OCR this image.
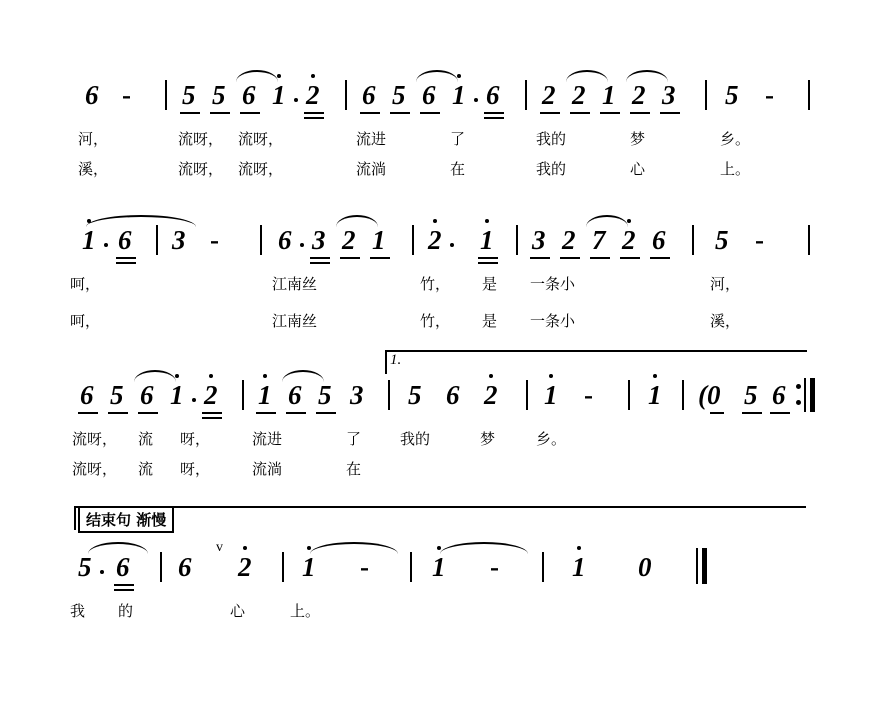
6 - 5 5 6 1 2 6 5 6 1 6 2 2 1 2 3 5 -
河，	流呀， 流呀，	流进	了	我的	梦	乡。
溪，	流呀， 流呀，	流淌	在	我的	心	上。
1 6 3 - 6 3 2 1 2 1 3 2 7 2 6 5 -
呵，	江南丝	竹， 是 一条小	河，
呵，	江南丝	竹， 是 一条小	溪，
1.
6 5 6 1 2 1 6 5 3 5 6 2 1 - 1 (0 5 6
流呀， 流 呀，	流进	了	我的	梦	乡。
流呀， 流 呀，	流淌	在
结束句 渐慢
5 6 6
v
2 1 - 1 -	1 0
我 的	心	上。
